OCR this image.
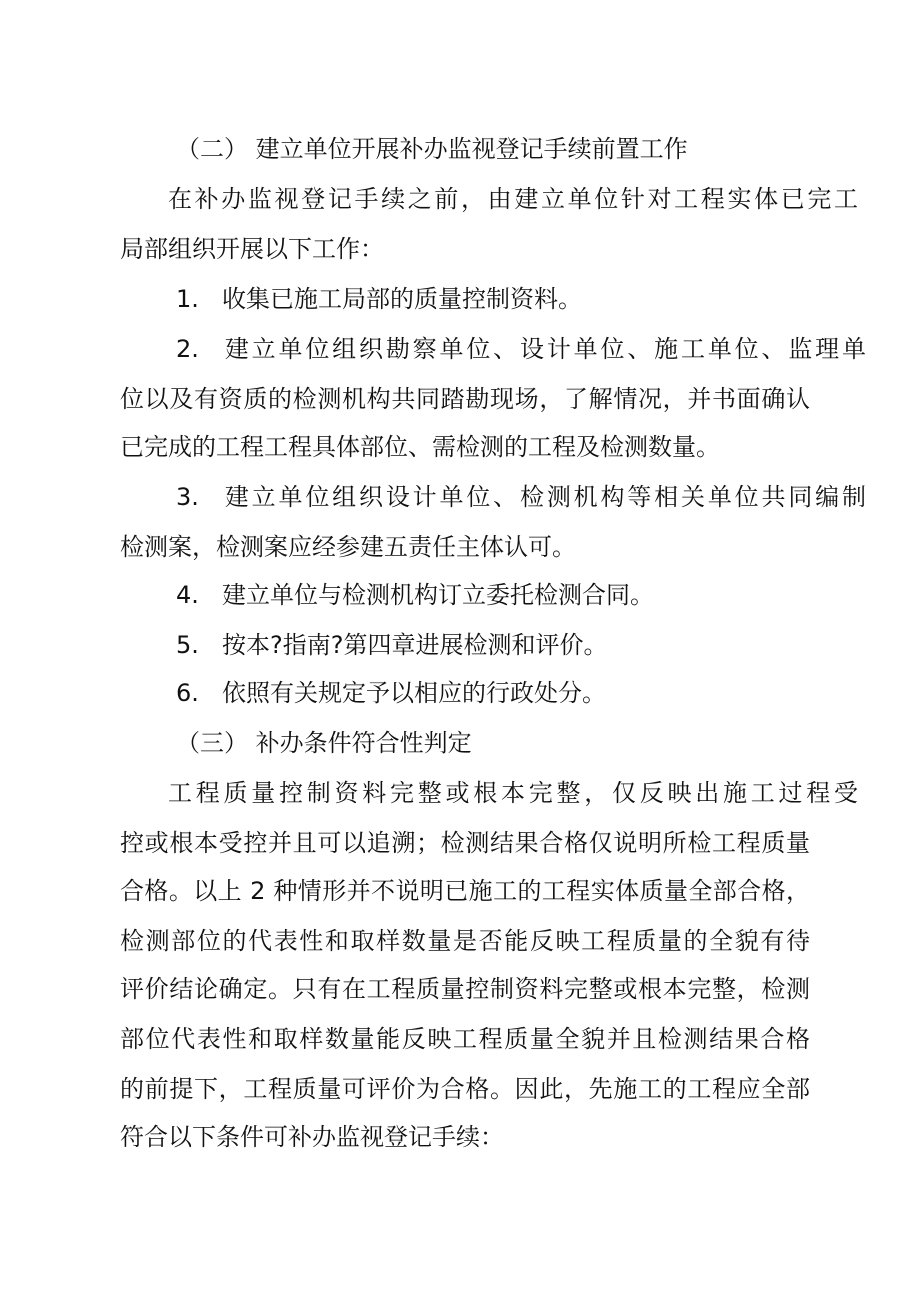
（二） 建立单位开展补办监视登记手续前置工作
在补办监视登记手续之前，由建立单位针对工程实体已完工
局部组织开展以下工作：
1. 收集已施工局部的质量控制资料。
2. 建立单位组织勘察单位、设计单位、施工单位、监理单
位以及有资质的检测机构共同踏勘现场，了解情况，并书面确认
已完成的工程工程具体部位、需检测的工程及检测数量。
3. 建立单位组织设计单位、检测机构等相关单位共同编制
检测案，检测案应经参建五责任主体认可。
4. 建立单位与检测机构订立委托检测合同。
5. 按本?指南?第四章进展检测和评价。
6. 依照有关规定予以相应的行政处分。
（三） 补办条件符合性判定
工程质量控制资料完整或根本完整，仅反映出施工过程受
控或根本受控并且可以追溯；检测结果合格仅说明所检工程质量
合格。以上 2 种情形并不说明已施工的工程实体质量全部合格，
检测部位的代表性和取样数量是否能反映工程质量的全貌有待
评价结论确定。只有在工程质量控制资料完整或根本完整，检测
部位代表性和取样数量能反映工程质量全貌并且检测结果合格
的前提下，工程质量可评价为合格。因此，先施工的工程应全部
符合以下条件可补办监视登记手续：
